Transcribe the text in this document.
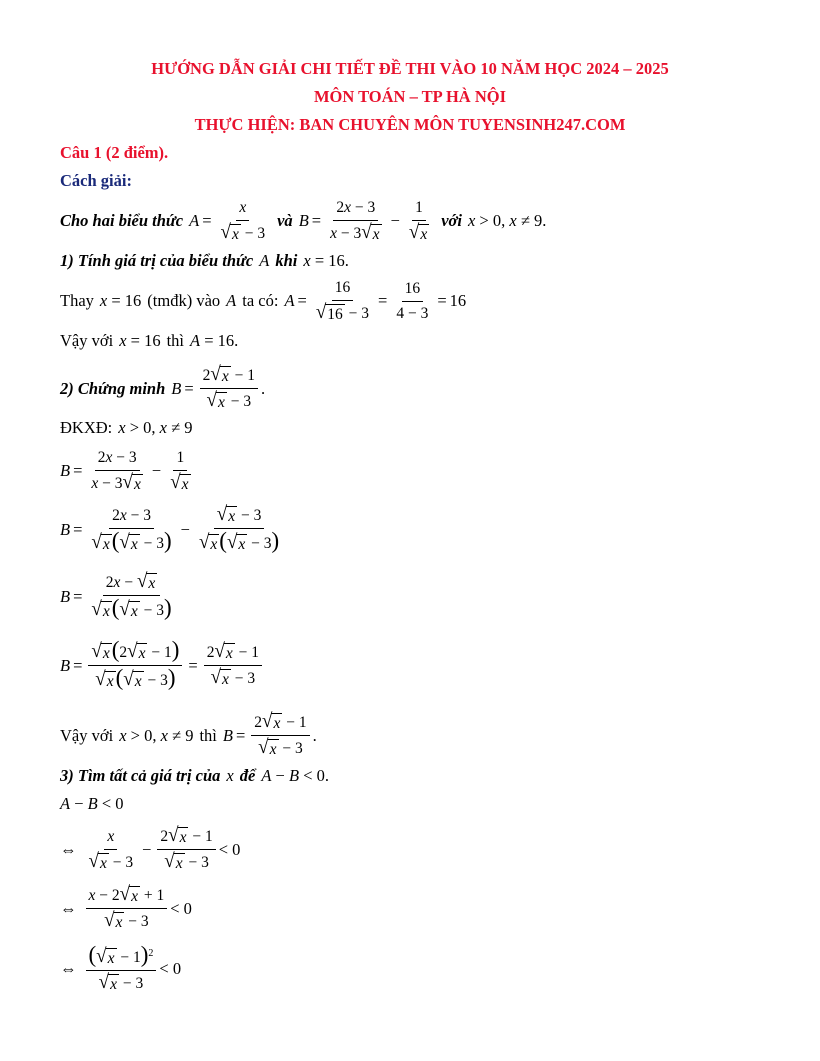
HƯỚNG DẪN GIẢI CHI TIẾT ĐỀ THI VÀO 10 NĂM HỌC 2024 – 2025
MÔN TOÁN – TP HÀ NỘI
THỰC HIỆN: BAN CHUYÊN MÔN TUYENSINH247.COM
Câu 1 (2 điểm).
Cách giải:
Cho hai biểu thức $A = \frac{x}{√ x - 3}$ và $B = \frac{2x - 3}{x - 3 √ x} - \frac{1}{√ x}$ với x > 0, x ≠ 9.
1) Tính giá trị của biểu thức A khi x = 16.
Thay x = 16 (tmđk) vào A ta có: $A = \frac{16}{√ 16 - 3} = \frac{16}{4 - 3} = 16$
Vậy với x = 16 thì A = 16.
2) Chứng minh $B = \frac{2 √ x - 1}{√ x - 3}$ .
ĐKXĐ: x > 0, x ≠ 9
$B = \frac{2x - 3}{x - 3 √ x} - \frac{1}{√ x}$
$B = \frac{2x - 3}{√ x ( √ x - 3)} - \frac{√ x - 3}{√ x ( √ x - 3)}$
$B = \frac{2x - √ x}{√ x ( √ x - 3)}$
$B = \frac{√ x (2 √ x - 1)}{√ x ( √ x - 3)} = \frac{2 √ x - 1}{√ x - 3}$
Vậy với x > 0, x ≠ 9 thì $B = \frac{2 √ x - 1}{√ x - 3}$ .
3) Tìm tất cả giá trị của x để A − B < 0.
A − B < 0
⇔ $\frac{x}{√ x - 3} - \frac{2 √ x - 1}{√ x - 3} < 0$
⇔ $\frac{x - 2 √ x + 1}{√ x - 3} < 0$
⇔ $\frac{( √ x - 1)^2}{√ x - 3} < 0$
